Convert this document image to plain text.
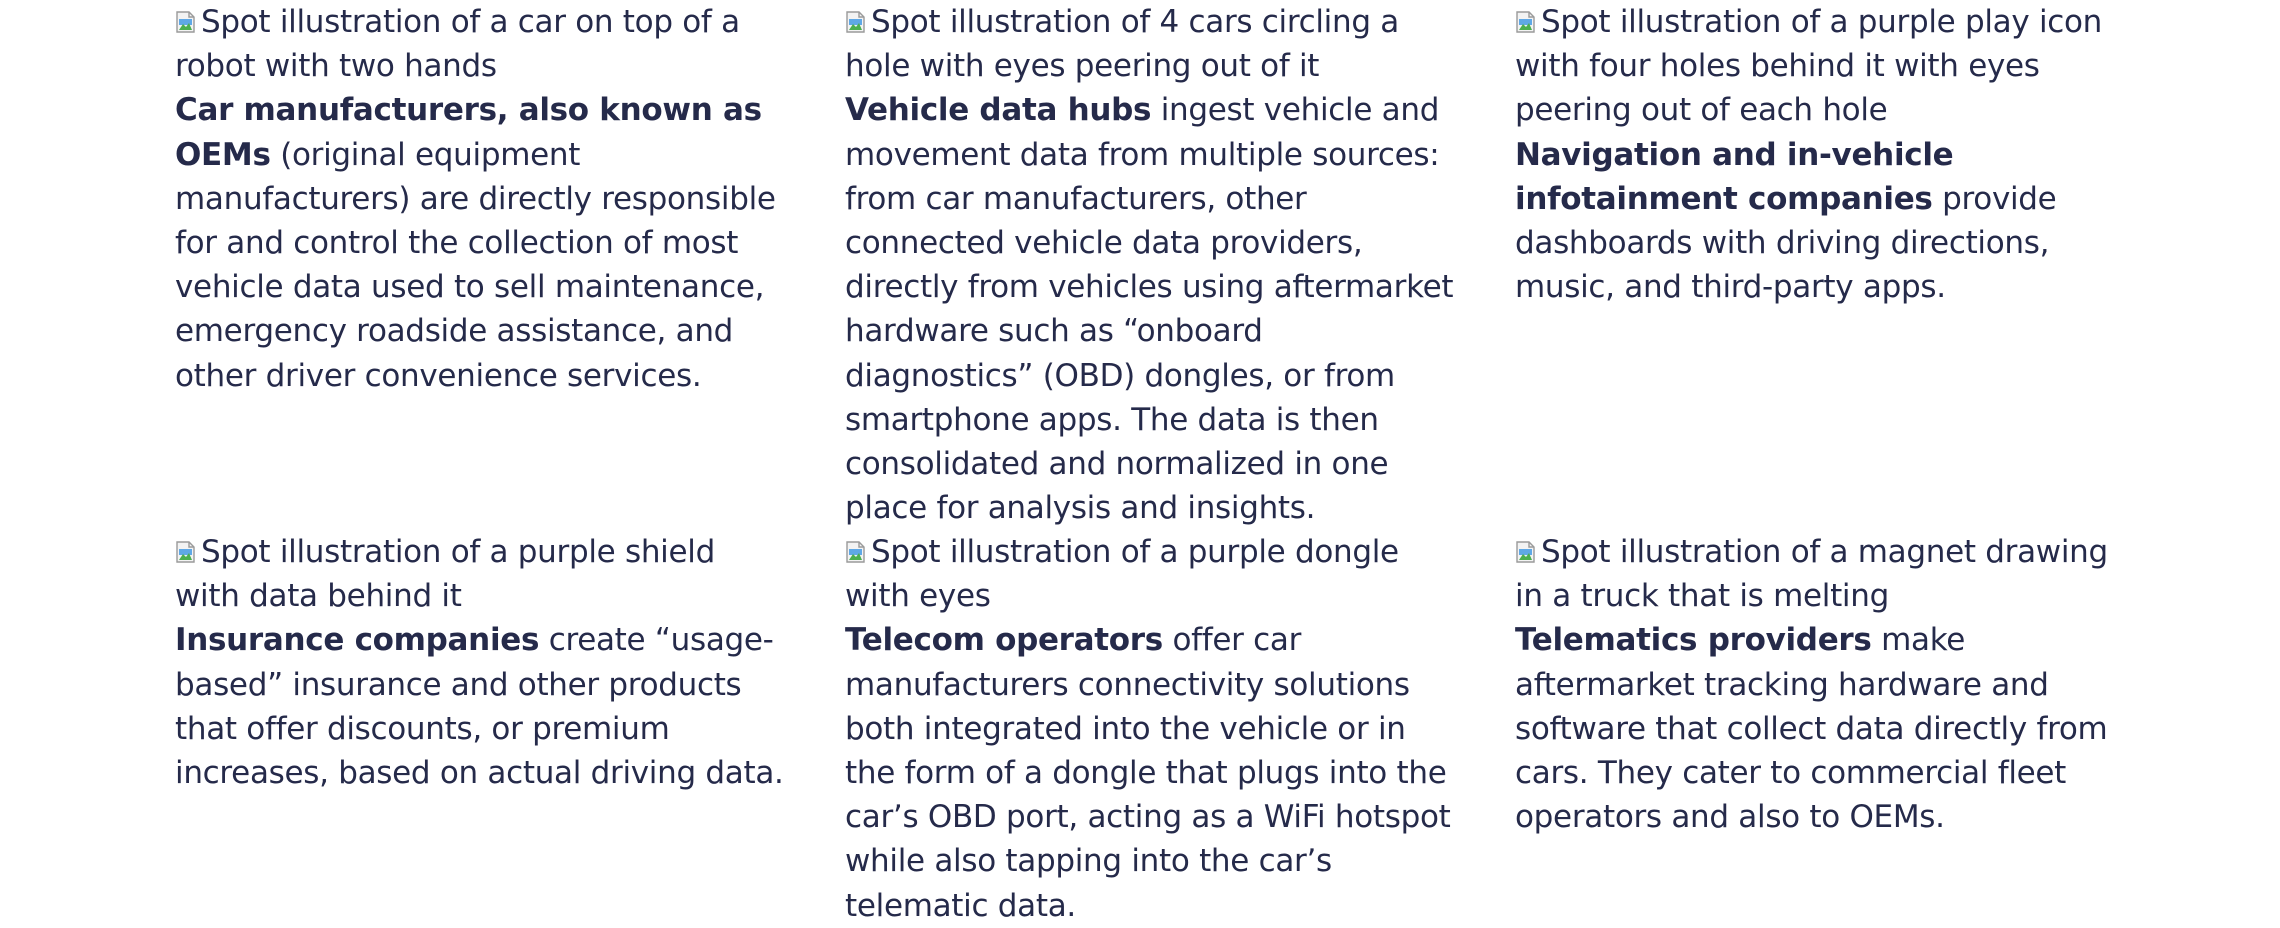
Spot illustration of a car on top of a robot with two hands
Car manufacturers, also known as OEMs (original equipment manufacturers) are directly responsible for and control the collection of most vehicle data used to sell maintenance, emergency roadside assistance, and other driver convenience services.
Spot illustration of 4 cars circling a hole with eyes peering out of it
Vehicle data hubs ingest vehicle and movement data from multiple sources: from car manufacturers, other connected vehicle data providers, directly from vehicles using aftermarket hardware such as “onboard diagnostics” (OBD) dongles, or from smartphone apps. The data is then consolidated and normalized in one place for analysis and insights.
Spot illustration of a purple play icon with four holes behind it with eyes peering out of each hole
Navigation and in-vehicle infotainment companies provide dashboards with driving directions, music, and third-party apps.
Spot illustration of a purple shield with data behind it
Insurance companies create “usage-based” insurance and other products that offer discounts, or premium increases, based on actual driving data.
Spot illustration of a purple dongle with eyes
Telecom operators offer car manufacturers connectivity solutions both integrated into the vehicle or in the form of a dongle that plugs into the car’s OBD port, acting as a WiFi hotspot while also tapping into the car’s telematic data.
Spot illustration of a magnet drawing in a truck that is melting
Telematics providers make aftermarket tracking hardware and software that collect data directly from cars. They cater to commercial fleet operators and also to OEMs.
